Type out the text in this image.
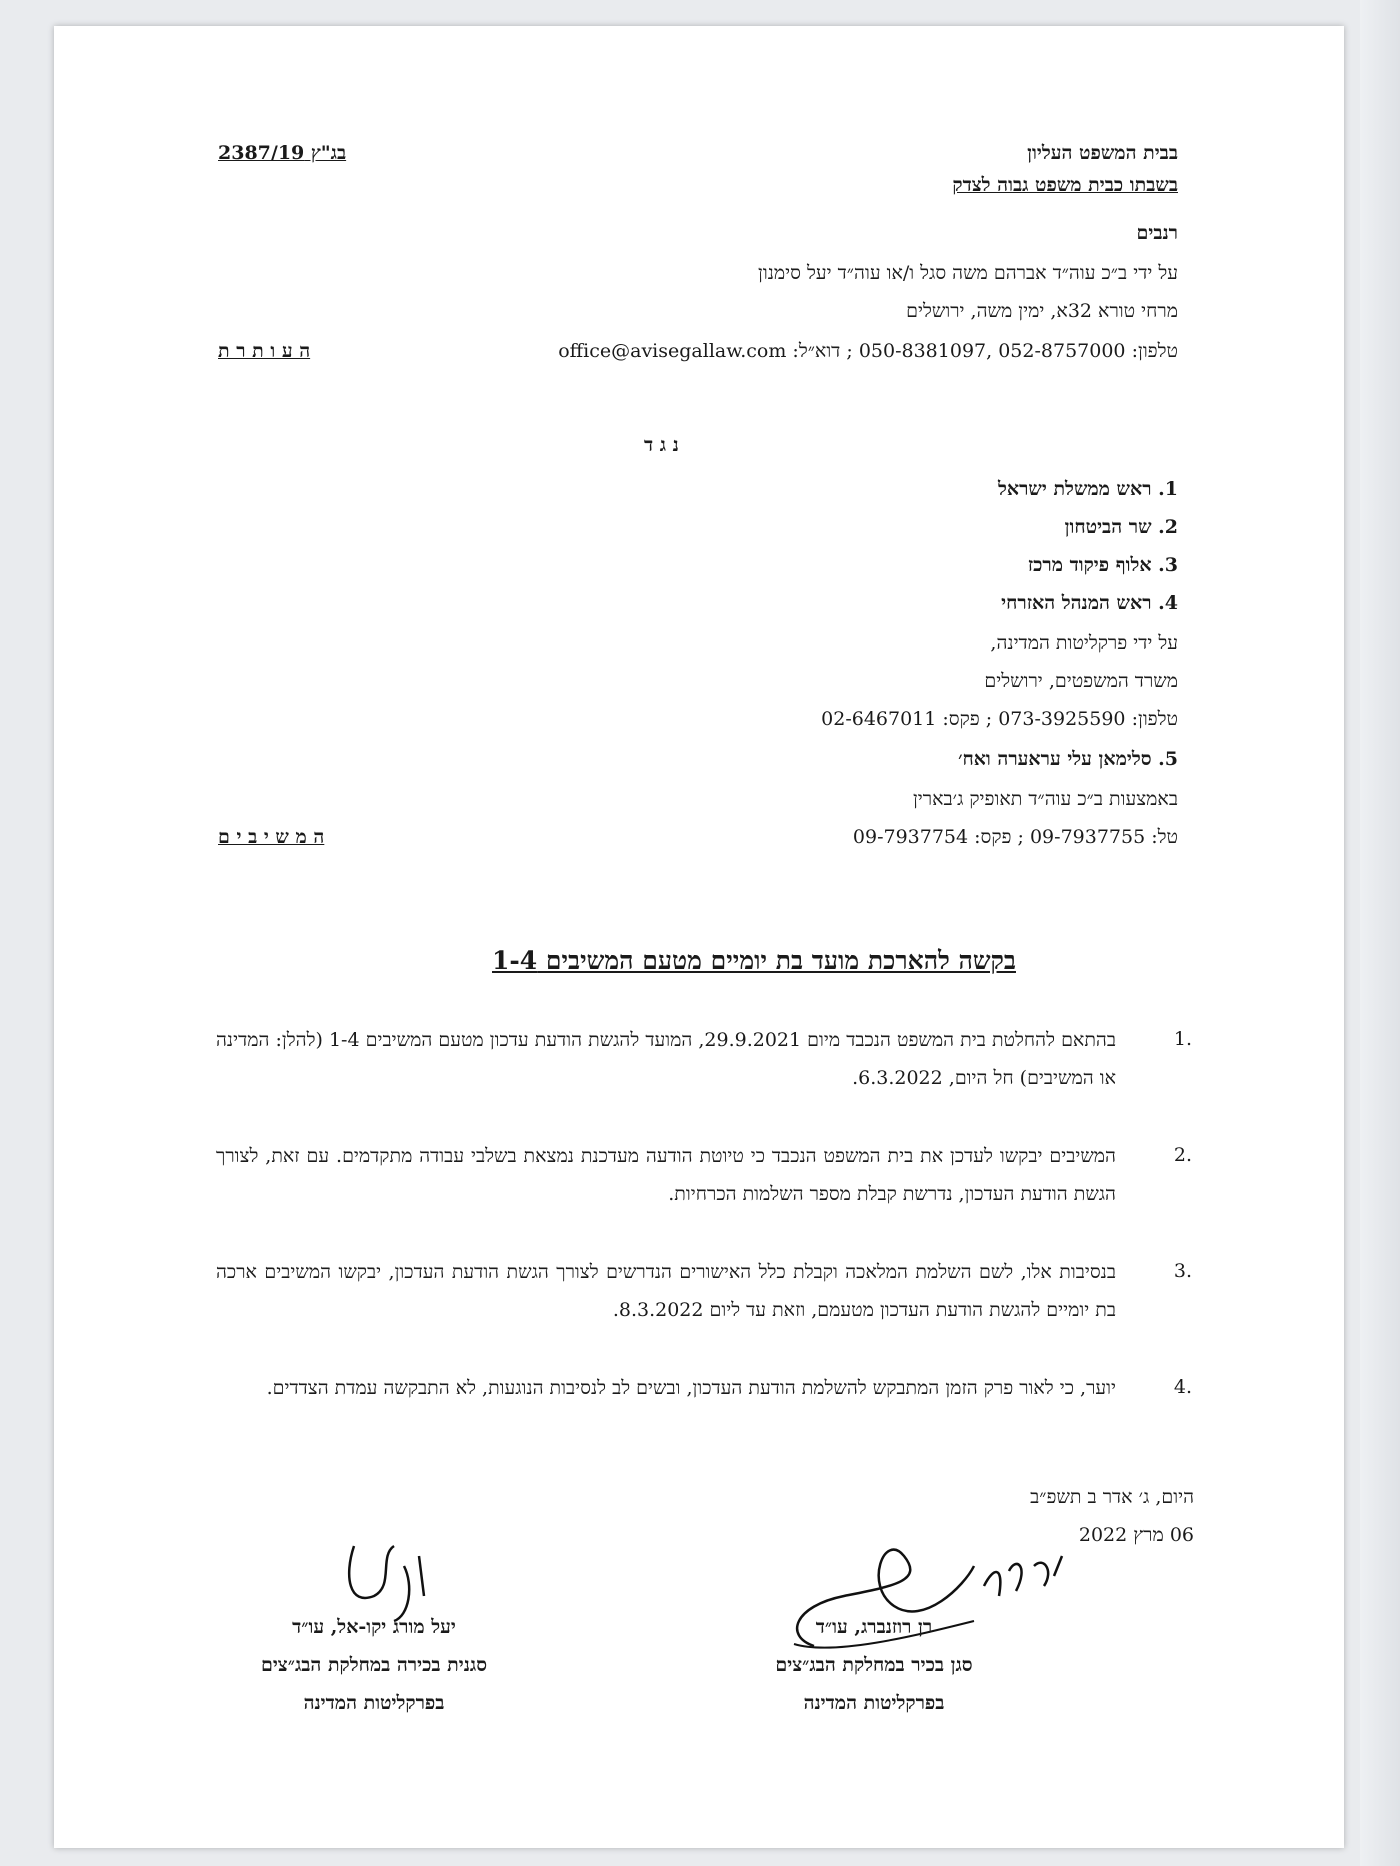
בבית המשפט העליון
בשבתו כבית משפט גבוה לצדק
בג"ץ 2387/19
רנבים
על ידי ב״כ עוה״ד אברהם משה סגל ו/או עוה״ד יעל סימנון
מרחי טורא 32א, ימין משה, ירושלים
טלפון: 052-8757000 ,050-8381097 ; דוא״ל: office@avisegallaw.com
ה ע ו ת ר ת
נ ג ד
1. ראש ממשלת ישראל
2. שר הביטחון
3. אלוף פיקוד מרכז
4. ראש המנהל האזרחי
על ידי פרקליטות המדינה,
משרד המשפטים, ירושלים
טלפון: 073-3925590 ; פקס: 02-6467011
5. סלימאן עלי עראערה ואח׳
באמצעות ב״כ עוה״ד תאופיק ג׳בארין
טל: 09-7937755 ; פקס: 09-7937754
ה מ ש י ב י ם
בקשה להארכת מועד בת יומיים מטעם המשיבים 1-4
1.
בהתאם להחלטת בית המשפט הנכבד מיום 29.9.2021, המועד להגשת הודעת עדכון מטעם המשיבים 1-4 (להלן: המדינה או המשיבים) חל היום, 6.3.2022.
2.
המשיבים יבקשו לעדכן את בית המשפט הנכבד כי טיוטת הודעה מעדכנת נמצאת בשלבי עבודה מתקדמים. עם זאת, לצורך הגשת הודעת העדכון, נדרשת קבלת מספר השלמות הכרחיות.
3.
בנסיבות אלו, לשם השלמת המלאכה וקבלת כלל האישורים הנדרשים לצורך הגשת הודעת העדכון, יבקשו המשיבים ארכה בת יומיים להגשת הודעת העדכון מטעמם, וזאת עד ליום 8.3.2022.
4.
יוער, כי לאור פרק הזמן המתבקש להשלמת הודעת העדכון, ובשים לב לנסיבות הנוגעות, לא התבקשה עמדת הצדדים.
היום, ג׳ אדר ב תשפ״ב
06 מרץ 2022
רן רוזנברג, עו״ד
סגן בכיר במחלקת הבג״צים
בפרקליטות המדינה
יעל מורג יקו-אל, עו״ד
סגנית בכירה במחלקת הבג״צים
בפרקליטות המדינה
